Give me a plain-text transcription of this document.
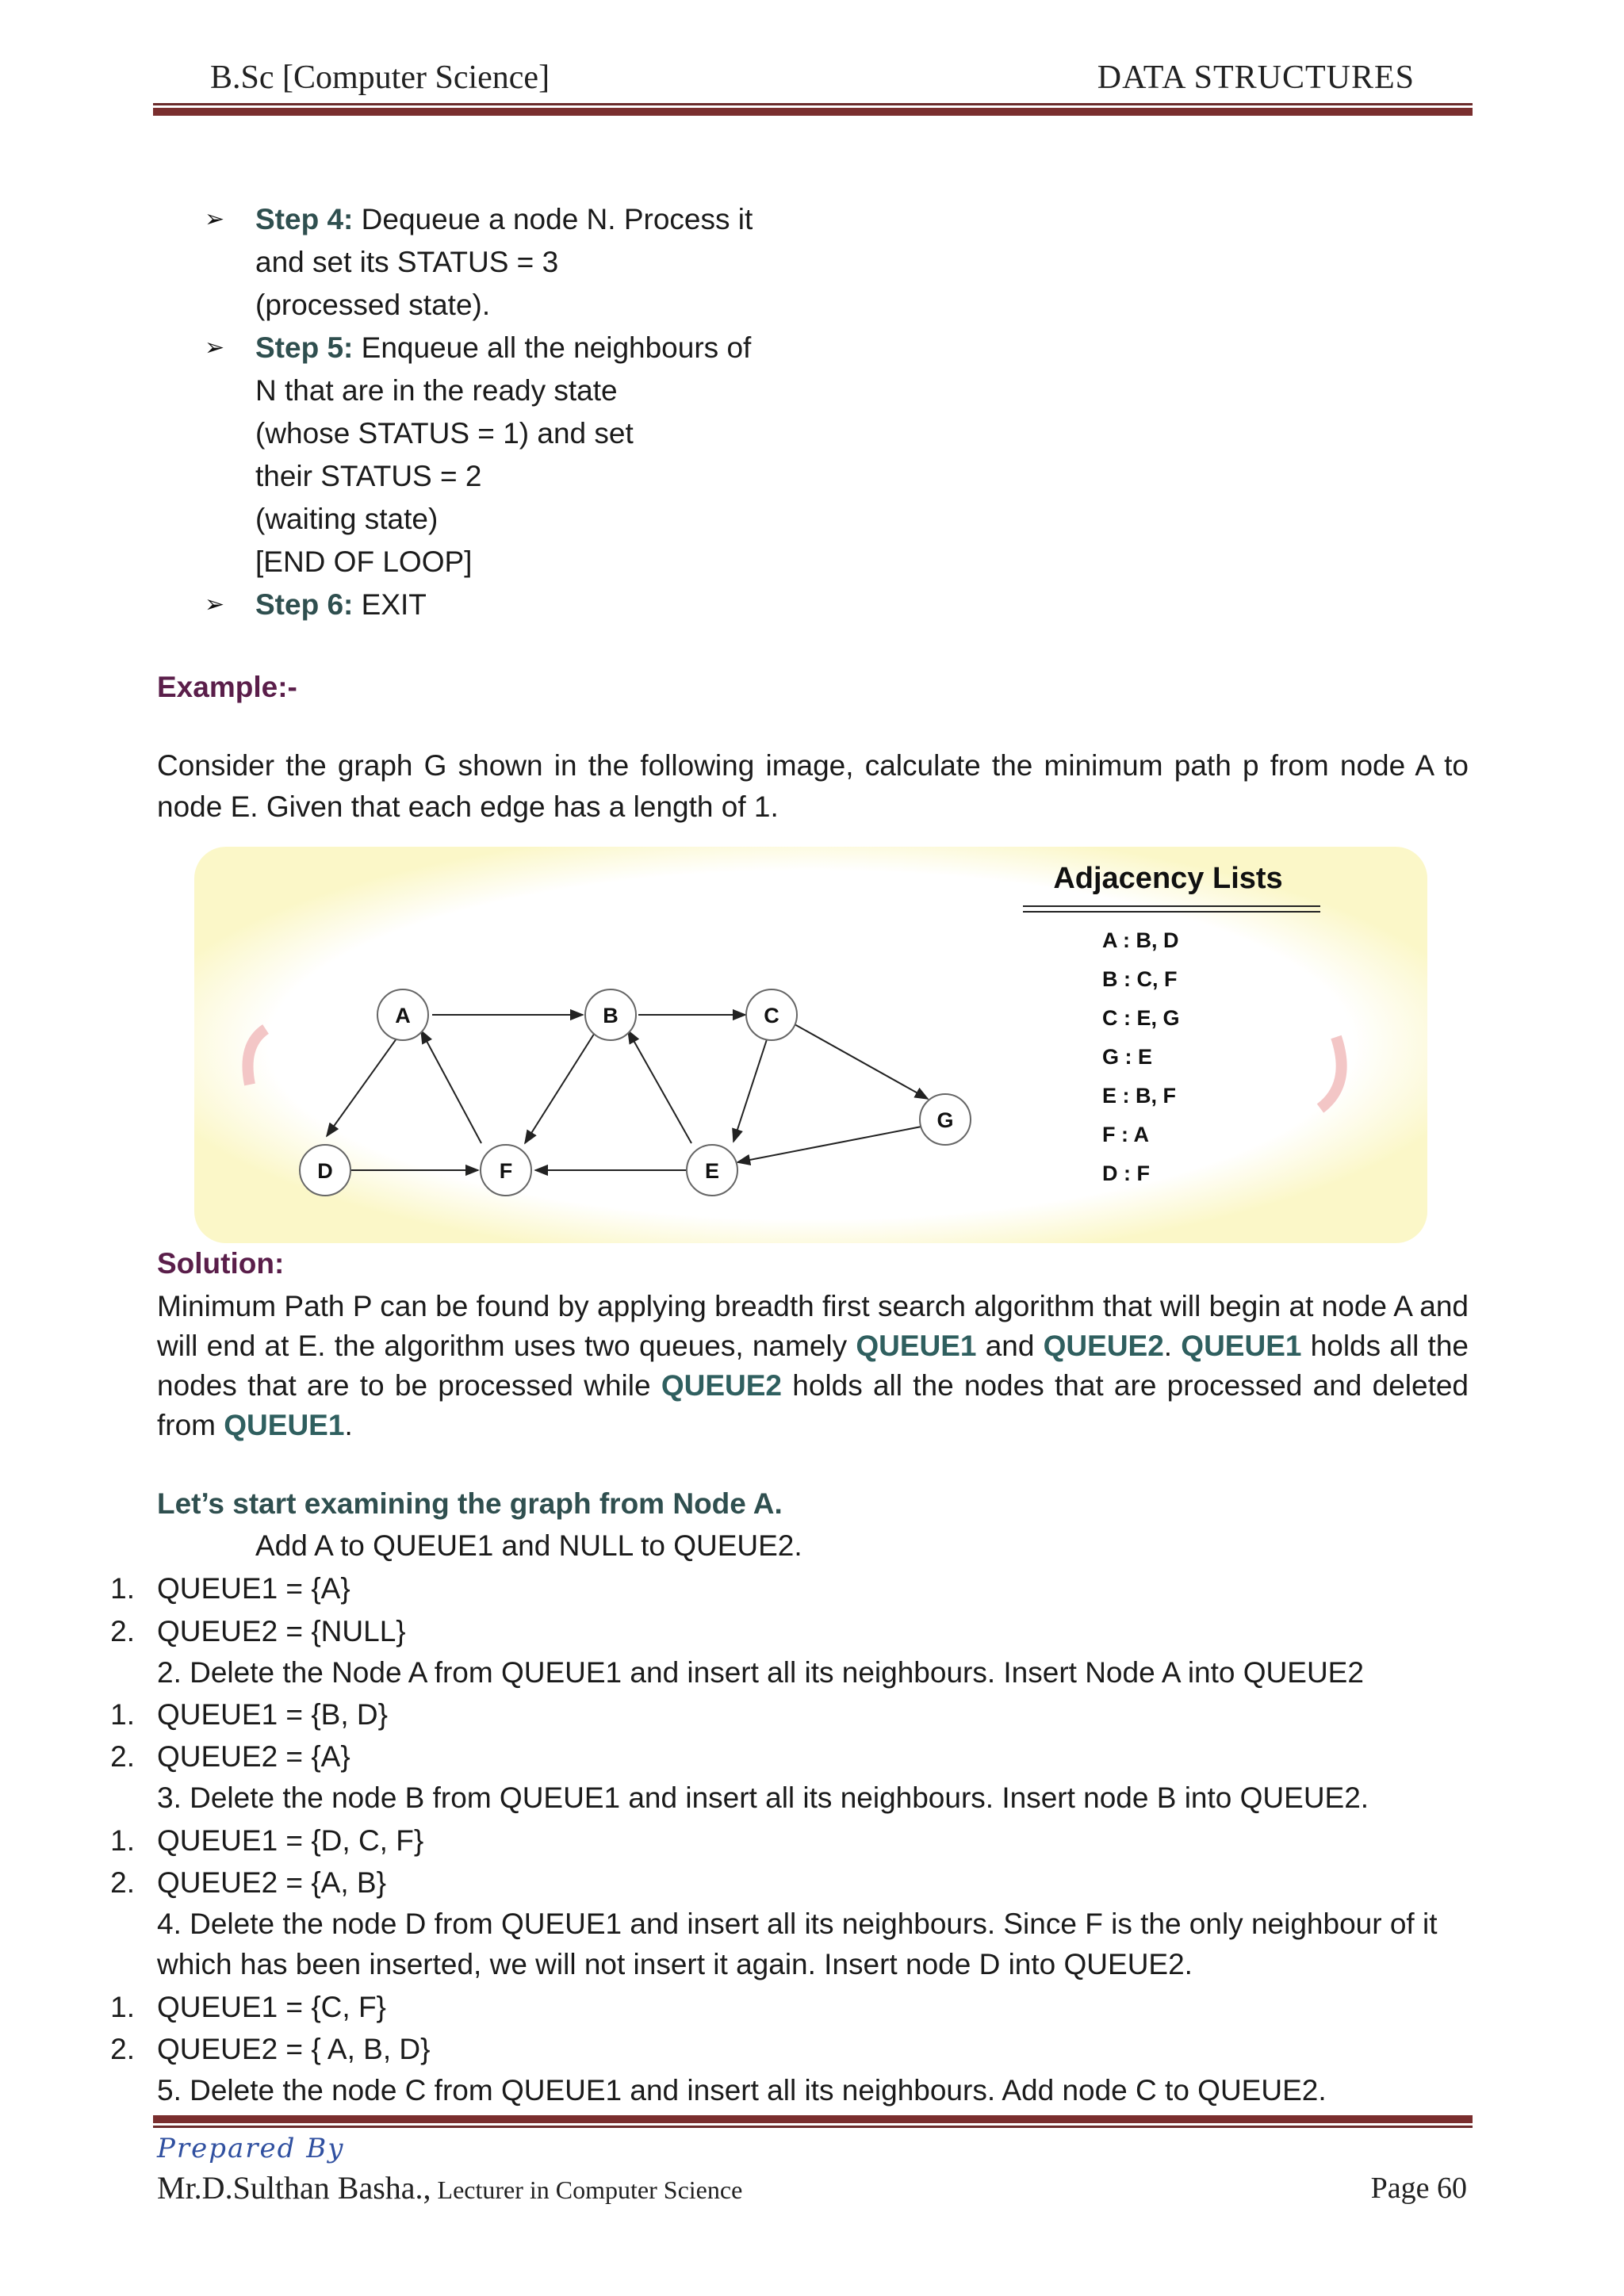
B.Sc [Computer Science]	DATA STRUCTURES
➢	Step 4: Dequeue a node N. Process it
and set its STATUS = 3
(processed state).
➢	Step 5: Enqueue all the neighbours of
N that are in the ready state
(whose STATUS = 1) and set
their STATUS = 2
(waiting state)
[END OF LOOP]
➢	Step 6: EXIT
Example:-
Consider the graph G shown in the following image, calculate the minimum path p from node A to node E. Given that each edge has a length of 1.
A	B	C
G
D	F	E
Adjacency Lists
A : B, D
B : C, F
C : E, G
G : E
E : B, F
F : A
D : F
Solution:
Minimum Path P can be found by applying breadth first search algorithm that will begin at node A and will end at E. the algorithm uses two queues, namely QUEUE1 and QUEUE2. QUEUE1 holds all the nodes that are to be processed while QUEUE2 holds all the nodes that are processed and deleted from QUEUE1.
Let’s start examining the graph from Node A.
Add A to QUEUE1 and NULL to QUEUE2.
1. QUEUE1 = {A}
2. QUEUE2 = {NULL}
2. Delete the Node A from QUEUE1 and insert all its neighbours. Insert Node A into QUEUE2
1. QUEUE1 = {B, D}
2. QUEUE2 = {A}
3. Delete the node B from QUEUE1 and insert all its neighbours. Insert node B into QUEUE2.
1. QUEUE1 = {D, C, F}
2. QUEUE2 = {A, B}
4. Delete the node D from QUEUE1 and insert all its neighbours. Since F is the only neighbour of it
which has been inserted, we will not insert it again. Insert node D into QUEUE2.
1. QUEUE1 = {C, F}
2. QUEUE2 = { A, B, D}
5. Delete the node C from QUEUE1 and insert all its neighbours. Add node C to QUEUE2.
Prepared By
Mr.D.Sulthan Basha., Lecturer in Computer Science	Page 60
